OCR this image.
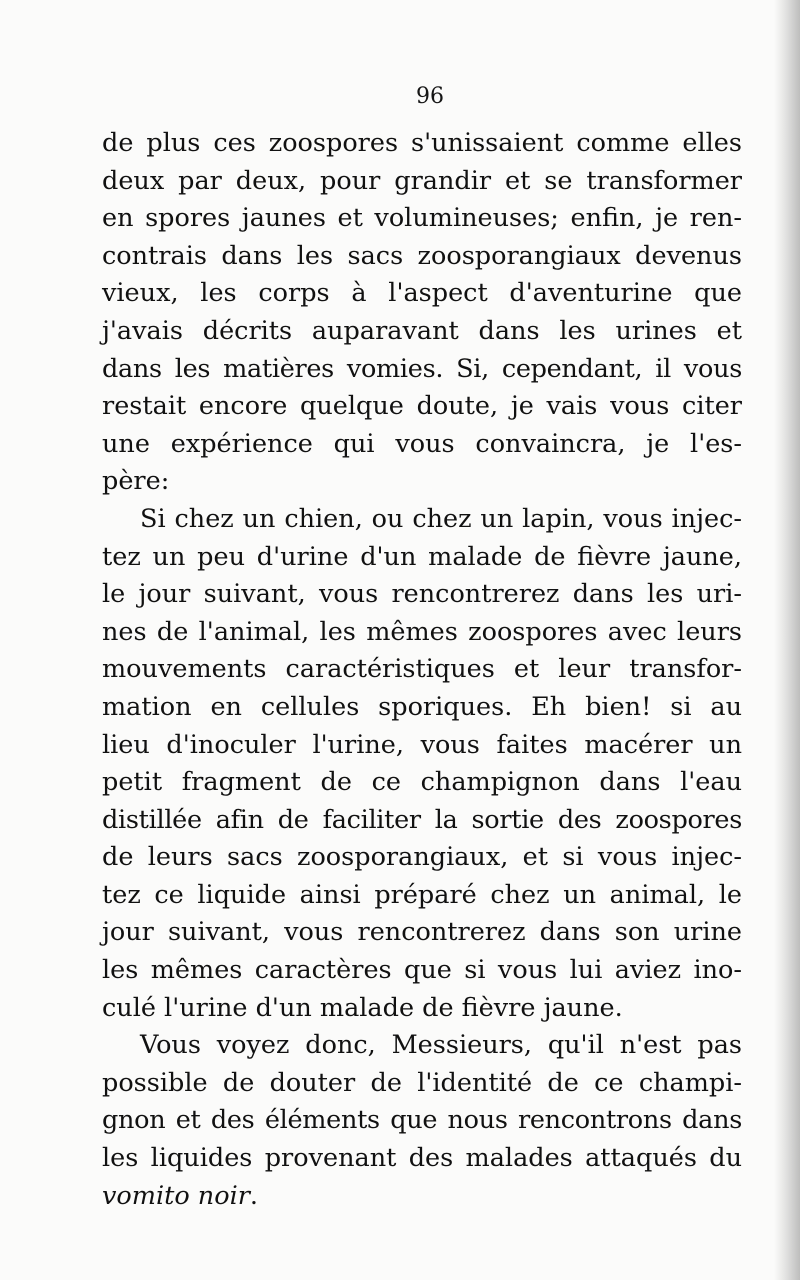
96
de plus ces zoospores s'unissaient comme elles
deux par deux, pour grandir et se transformer
en spores jaunes et volumineuses; enfin, je ren-
contrais dans les sacs zoosporangiaux devenus
vieux, les corps à l'aspect d'aventurine que
j'avais décrits auparavant dans les urines et
dans les matières vomies. Si, cependant, il vous
restait encore quelque doute, je vais vous citer
une expérience qui vous convaincra, je l'es-
père:
Si chez un chien, ou chez un lapin, vous injec-
tez un peu d'urine d'un malade de fièvre jaune,
le jour suivant, vous rencontrerez dans les uri-
nes de l'animal, les mêmes zoospores avec leurs
mouvements caractéristiques et leur transfor-
mation en cellules sporiques. Eh bien! si au
lieu d'inoculer l'urine, vous faites macérer un
petit fragment de ce champignon dans l'eau
distillée afin de faciliter la sortie des zoospores
de leurs sacs zoosporangiaux, et si vous injec-
tez ce liquide ainsi préparé chez un animal, le
jour suivant, vous rencontrerez dans son urine
les mêmes caractères que si vous lui aviez ino-
culé l'urine d'un malade de fièvre jaune.
Vous voyez donc, Messieurs, qu'il n'est pas
possible de douter de l'identité de ce champi-
gnon et des éléments que nous rencontrons dans
les liquides provenant des malades attaqués du
vomito noir.
